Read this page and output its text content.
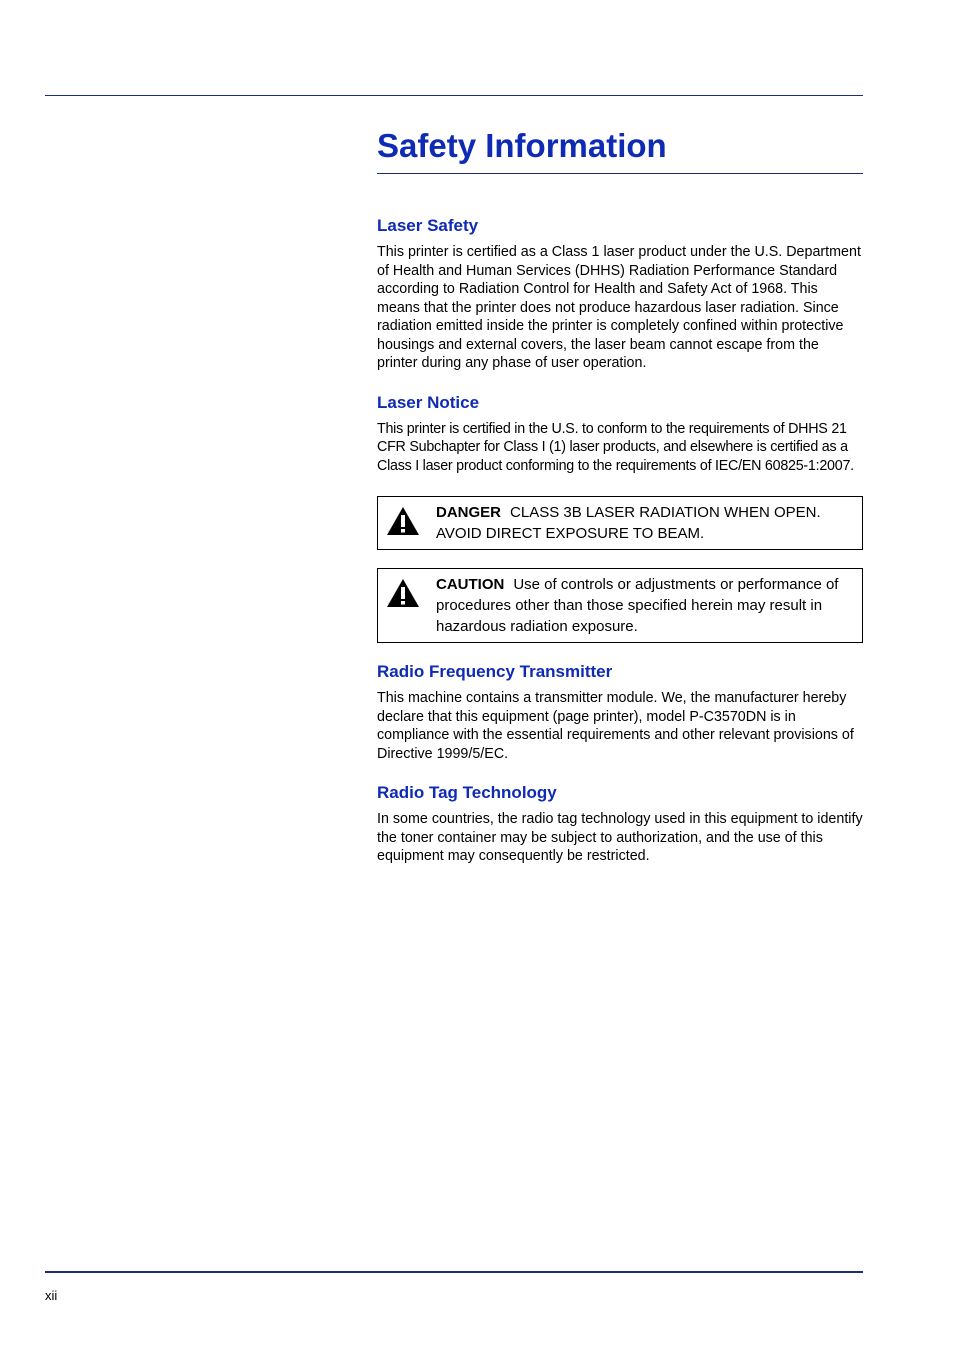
Safety Information
Laser Safety

This printer is certified as a Class 1 laser product under the U.S. Department of Health and Human Services (DHHS) Radiation Performance Standard according to Radiation Control for Health and Safety Act of 1968. This means that the printer does not produce hazardous laser radiation. Since radiation emitted inside the printer is completely confined within protective housings and external covers, the laser beam cannot escape from the printer during any phase of user operation.

Laser Notice

This printer is certified in the U.S. to conform to the requirements of DHHS 21 CFR Subchapter for Class I (1) laser products, and elsewhere is certified as a Class I laser product conforming to the requirements of IEC/EN 60825-1:2007.

DANGER CLASS 3B LASER RADIATION WHEN OPEN. AVOID DIRECT EXPOSURE TO BEAM.
CAUTION Use of controls or adjustments or performance of procedures other than those specified herein may result in hazardous radiation exposure.
Radio Frequency Transmitter

This machine contains a transmitter module. We, the manufacturer hereby declare that this equipment (page printer), model P-C3570DN is in compliance with the essential requirements and other relevant provisions of Directive 1999/5/EC.

Radio Tag Technology

In some countries, the radio tag technology used in this equipment to identify the toner container may be subject to authorization, and the use of this equipment may consequently be restricted.

xii
